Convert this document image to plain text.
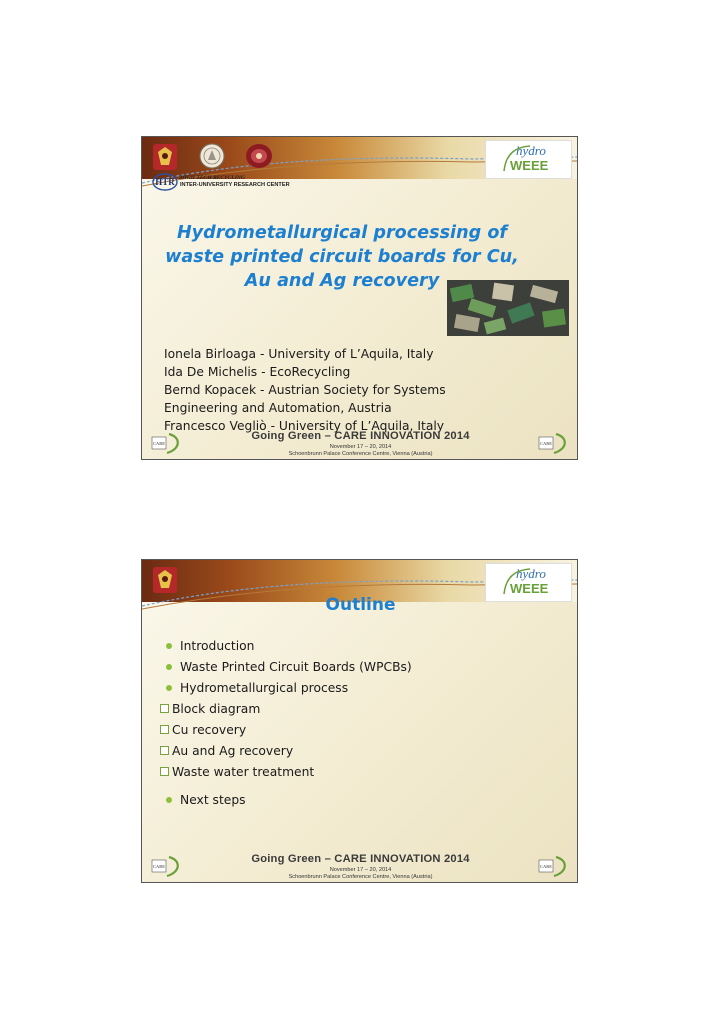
hydro
WEEE
HTR HIGH TECH RECYCLING
INTER-UNIVERSITY RESEARCH CENTER
Hydrometallurgical processing of waste printed circuit boards for Cu, Au and Ag recovery
Ionela Birloaga - University of L’Aquila, Italy
Ida De Michelis - EcoRecycling
Bernd Kopacek - Austrian Society for Systems
Engineering and Automation, Austria
Francesco Vegliò - University of L’Aquila, Italy
CARE
Going Green – CARE INNOVATION 2014
November 17 – 20, 2014
Schoenbrunn Palace Conference Centre, Vienna (Austria)
CARE
hydro
WEEE
Outline
Introduction
Waste Printed Circuit Boards (WPCBs)
Hydrometallurgical process
Block diagram
Cu recovery
Au and Ag recovery
Waste water treatment
Next steps
CARE
Going Green – CARE INNOVATION 2014
November 17 – 20, 2014
Schoenbrunn Palace Conference Centre, Vienna (Austria)
CARE
